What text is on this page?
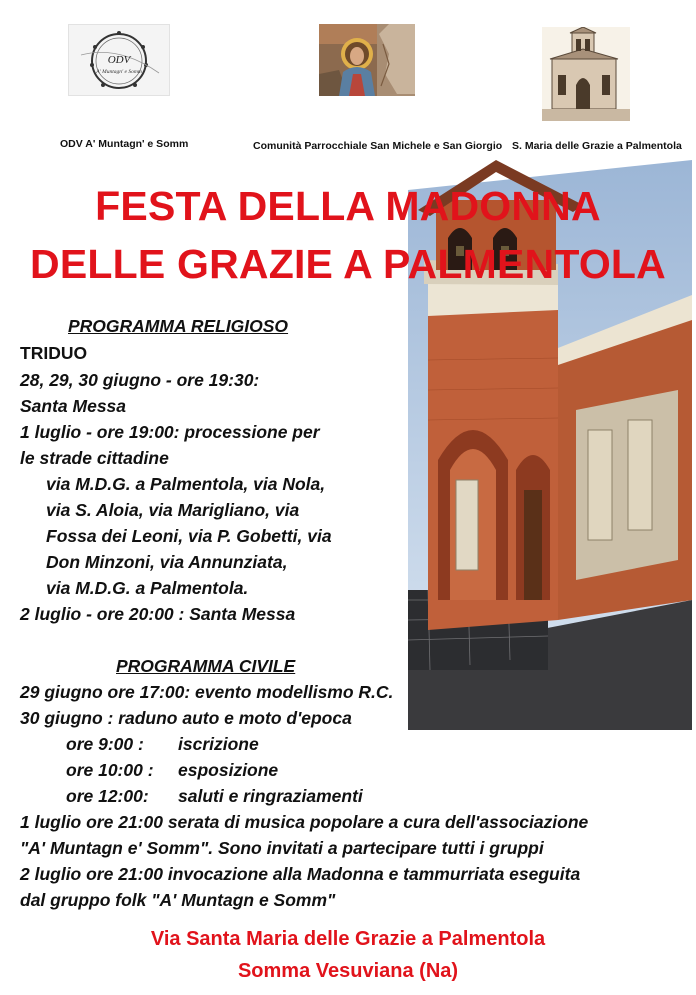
ODV
A' Muntagn' e Somm
ODV A' Muntagn' e Somm	Comunità Parrocchiale San Michele e San Giorgio S. Maria delle Grazie a Palmentola
FESTA DELLA MADONNA
DELLE GRAZIE A PALMENTOLA
PROGRAMMA RELIGIOSO
TRIDUO
28, 29, 30 giugno - ore 19:30:
Santa Messa
1 luglio - ore 19:00: processione per
le strade cittadine
via M.D.G. a Palmentola, via Nola,
via S. Aloia, via Marigliano, via
Fossa dei Leoni, via P. Gobetti, via
Don Minzoni, via Annunziata,
via M.D.G. a Palmentola.
2 luglio - ore 20:00 : Santa Messa
PROGRAMMA CIVILE
29 giugno ore 17:00: evento modellismo R.C.
30 giugno : raduno auto e moto d'epoca
ore 9:00 : iscrizione
ore 10:00 : esposizione
ore 12:00: saluti e ringraziamenti
1 luglio ore 21:00 serata di musica popolare a cura dell'associazione
"A' Muntagn e' Somm". Sono invitati a partecipare tutti i gruppi
2 luglio ore 21:00 invocazione alla Madonna e tammurriata eseguita
dal gruppo folk "A' Muntagn e Somm"
Via Santa Maria delle Grazie a Palmentola
Somma Vesuviana (Na)
